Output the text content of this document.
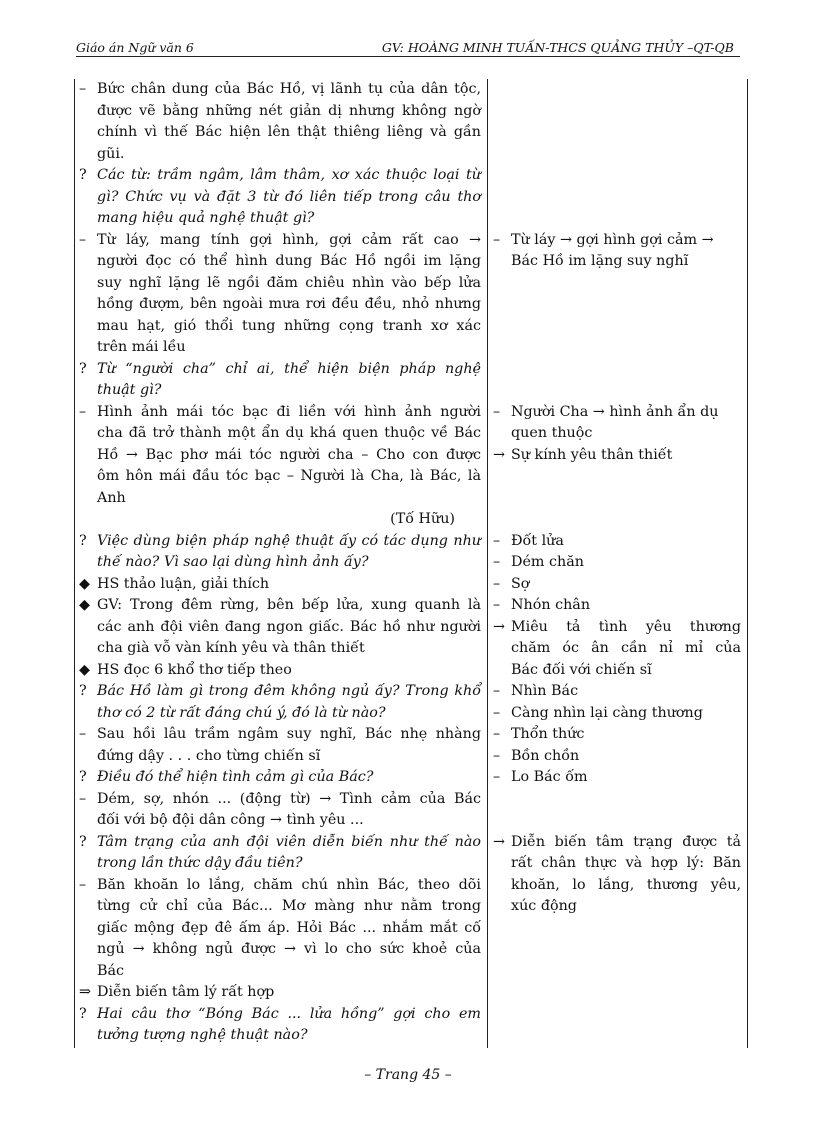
Giáo án Ngữ văn 6	GV: HOÀNG MINH TUẤN-THCS QUẢNG THỦY –QT-QB
– Bức chân dung của Bác Hồ, vị lãnh tụ của dân tộc,
được vẽ bằng những nét giản dị nhưng không ngờ
chính vì thế Bác hiện lên thật thiêng liêng và gần
gũi.
? Các từ: trầm ngâm, lâm thâm, xơ xác thuộc loại từ
gì? Chức vụ và đặt 3 từ đó liên tiếp trong câu thơ
mang hiệu quả nghệ thuật gì?
– Từ láy, mang tính gợi hình, gợi cảm rất cao →
người đọc có thể hình dung Bác Hồ ngồi im lặng
suy nghĩ lặng lẽ ngồi đăm chiêu nhìn vào bếp lửa
hồng đượm, bên ngoài mưa rơi đều đều, nhỏ nhưng
mau hạt, gió thổi tung những cọng tranh xơ xác
trên mái lều
? Từ “người cha” chỉ ai, thể hiện biện pháp nghệ
thuật gì?
– Hình ảnh mái tóc bạc đi liền với hình ảnh người
cha đã trở thành một ẩn dụ khá quen thuộc về Bác
Hồ → Bạc phơ mái tóc người cha – Cho con được
ôm hôn mái đầu tóc bạc – Người là Cha, là Bác, là
Anh
(Tố Hữu)
? Việc dùng biện pháp nghệ thuật ấy có tác dụng như
thế nào? Vì sao lại dùng hình ảnh ấy?
◆ HS thảo luận, giải thích
◆ GV: Trong đêm rừng, bên bếp lửa, xung quanh là
các anh đội viên đang ngon giấc. Bác hồ như người
cha già vỗ vàn kính yêu và thân thiết
◆ HS đọc 6 khổ thơ tiếp theo
? Bác Hồ làm gì trong đêm không ngủ ấy? Trong khổ
thơ có 2 từ rất đáng chú ý, đó là từ nào?
– Sau hồi lâu trầm ngâm suy nghĩ, Bác nhẹ nhàng
đứng dậy . . . cho từng chiến sĩ
? Điều đó thể hiện tình cảm gì của Bác?
– Dém, sợ, nhón ... (động từ) → Tình cảm của Bác
đối với bộ đội dân công → tình yêu ...
? Tâm trạng của anh đội viên diễn biến như thế nào
trong lần thức dậy đầu tiên?
– Băn khoăn lo lắng, chăm chú nhìn Bác, theo dõi
từng cử chỉ của Bác... Mơ màng như nằm trong
giấc mộng đẹp đê ấm áp. Hỏi Bác ... nhắm mắt cố
ngủ → không ngủ được → vì lo cho sức khoẻ của
Bác
⇒ Diễn biến tâm lý rất hợp
? Hai câu thơ “Bóng Bác ... lửa hồng” gợi cho em
tưởng tượng nghệ thuật nào?

– Từ láy → gợi hình gợi cảm →
Bác Hồ im lặng suy nghĩ

– Người Cha → hình ảnh ẩn dụ
quen thuộc
→ Sự kính yêu thân thiết

– Đốt lửa
– Dém chăn
– Sợ
– Nhón chân
→ Miêu tả tình yêu thương
chăm óc ân cần nỉ mỉ của
Bác đối với chiến sĩ
– Nhìn Bác
– Càng nhìn lại càng thương
– Thổn thức
– Bồn chồn
– Lo Bác ốm

→ Diễn biến tâm trạng được tả
rất chân thực và hợp lý: Băn
khoăn, lo lắng, thương yêu,
xúc động
– Trang 45 –
